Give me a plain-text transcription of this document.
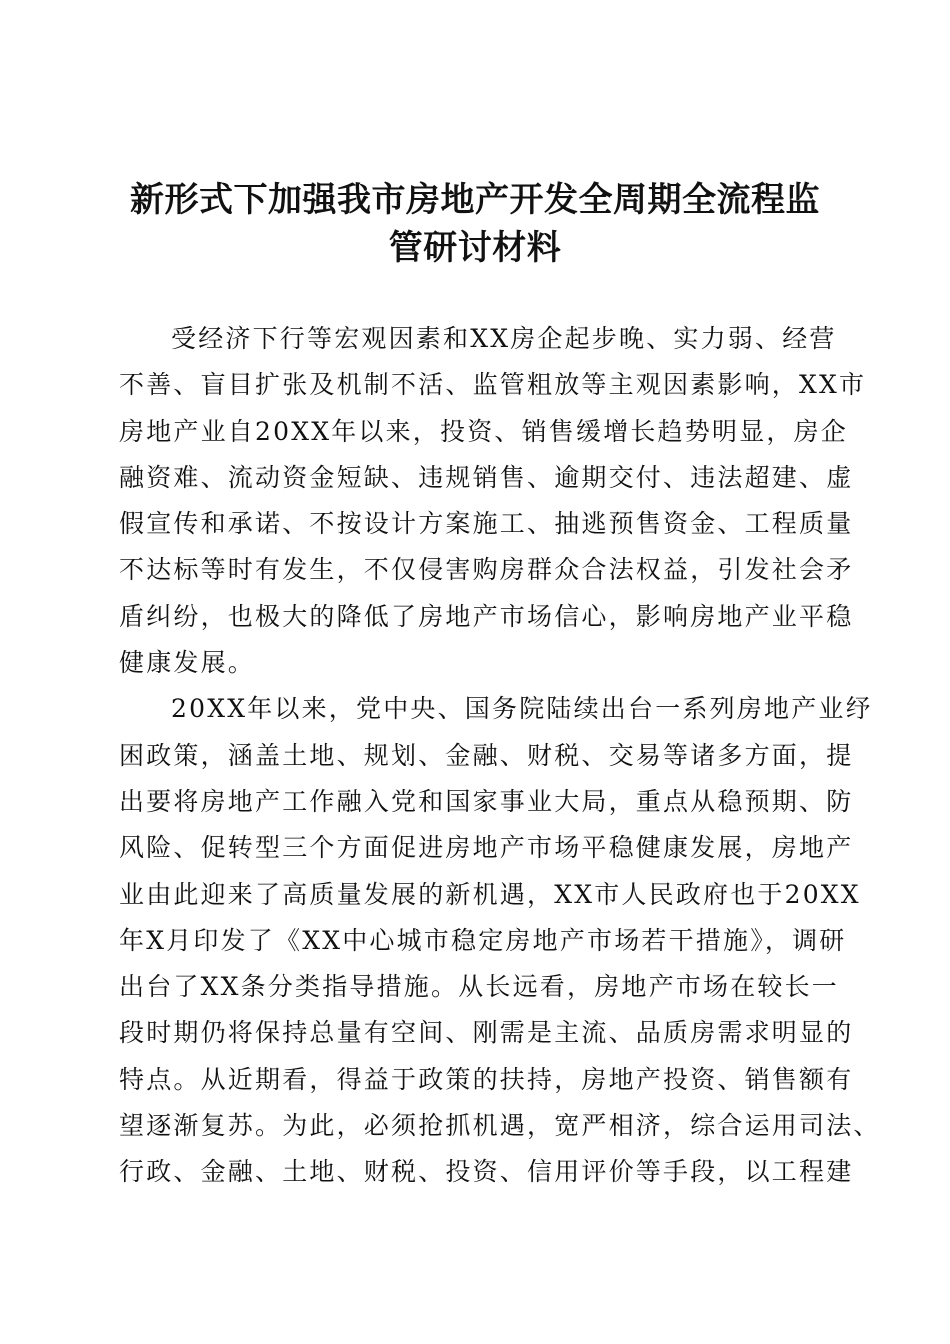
新形式下加强我市房地产开发全周期全流程监
管研讨材料
受经济下行等宏观因素和XX房企起步晚、实力弱、经营
不善、盲目扩张及机制不活、监管粗放等主观因素影响，XX市
房地产业自20XX年以来，投资、销售缓增长趋势明显，房企
融资难、流动资金短缺、违规销售、逾期交付、违法超建、虚
假宣传和承诺、不按设计方案施工、抽逃预售资金、工程质量
不达标等时有发生，不仅侵害购房群众合法权益，引发社会矛
盾纠纷，也极大的降低了房地产市场信心，影响房地产业平稳
健康发展。
20XX年以来，党中央、国务院陆续出台一系列房地产业纾
困政策，涵盖土地、规划、金融、财税、交易等诸多方面，提
出要将房地产工作融入党和国家事业大局，重点从稳预期、防
风险、促转型三个方面促进房地产市场平稳健康发展，房地产
业由此迎来了高质量发展的新机遇，XX市人民政府也于20XX
年X月印发了《XX中心城市稳定房地产市场若干措施》，调研
出台了XX条分类指导措施。从长远看，房地产市场在较长一
段时期仍将保持总量有空间、刚需是主流、品质房需求明显的
特点。从近期看，得益于政策的扶持，房地产投资、销售额有
望逐渐复苏。为此，必须抢抓机遇，宽严相济，综合运用司法、
行政、金融、土地、财税、投资、信用评价等手段，以工程建
